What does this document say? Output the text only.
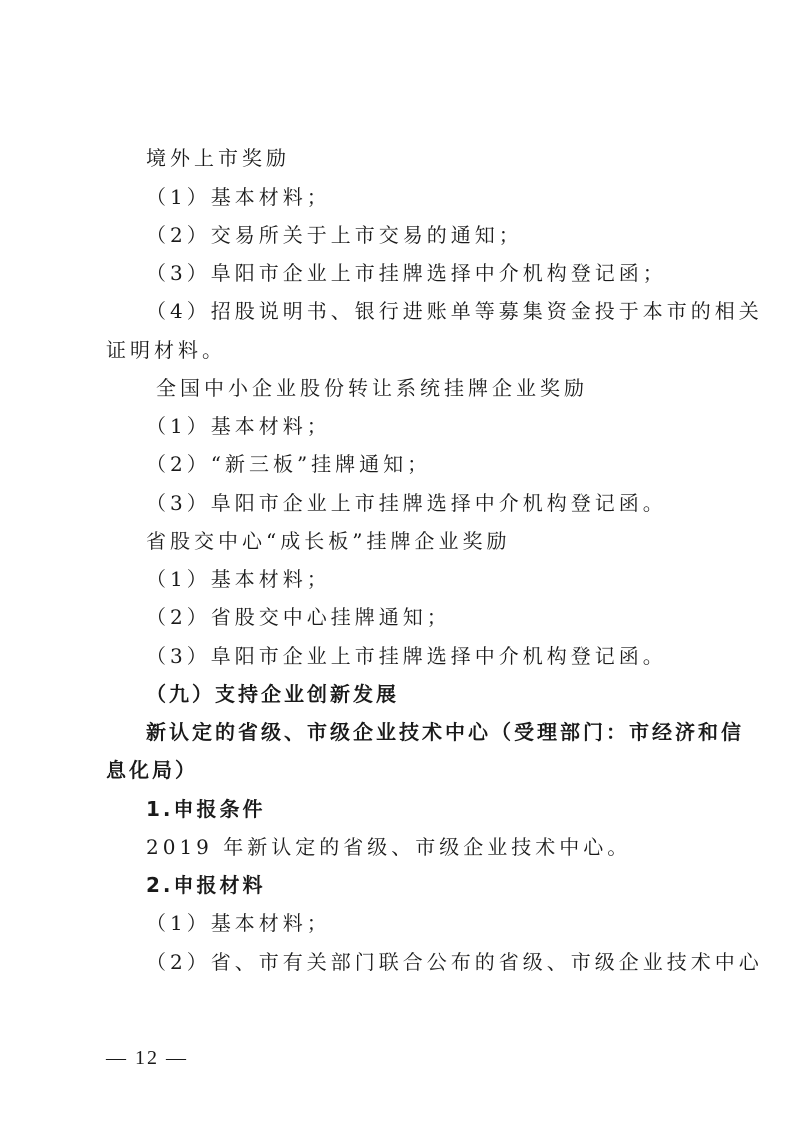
境外上市奖励
（1）基本材料；
（2）交易所关于上市交易的通知；
（3）阜阳市企业上市挂牌选择中介机构登记函；
（4）招股说明书、银行进账单等募集资金投于本市的相关
证明材料。
全国中小企业股份转让系统挂牌企业奖励
（1）基本材料；
（2）“新三板”挂牌通知；
（3）阜阳市企业上市挂牌选择中介机构登记函。
省股交中心“成长板”挂牌企业奖励
（1）基本材料；
（2）省股交中心挂牌通知；
（3）阜阳市企业上市挂牌选择中介机构登记函。
（九）支持企业创新发展
新认定的省级、市级企业技术中心（受理部门：市经济和信
息化局）
1.申报条件
2019 年新认定的省级、市级企业技术中心。
2.申报材料
（1）基本材料；
（2）省、市有关部门联合公布的省级、市级企业技术中心
— 12 —
